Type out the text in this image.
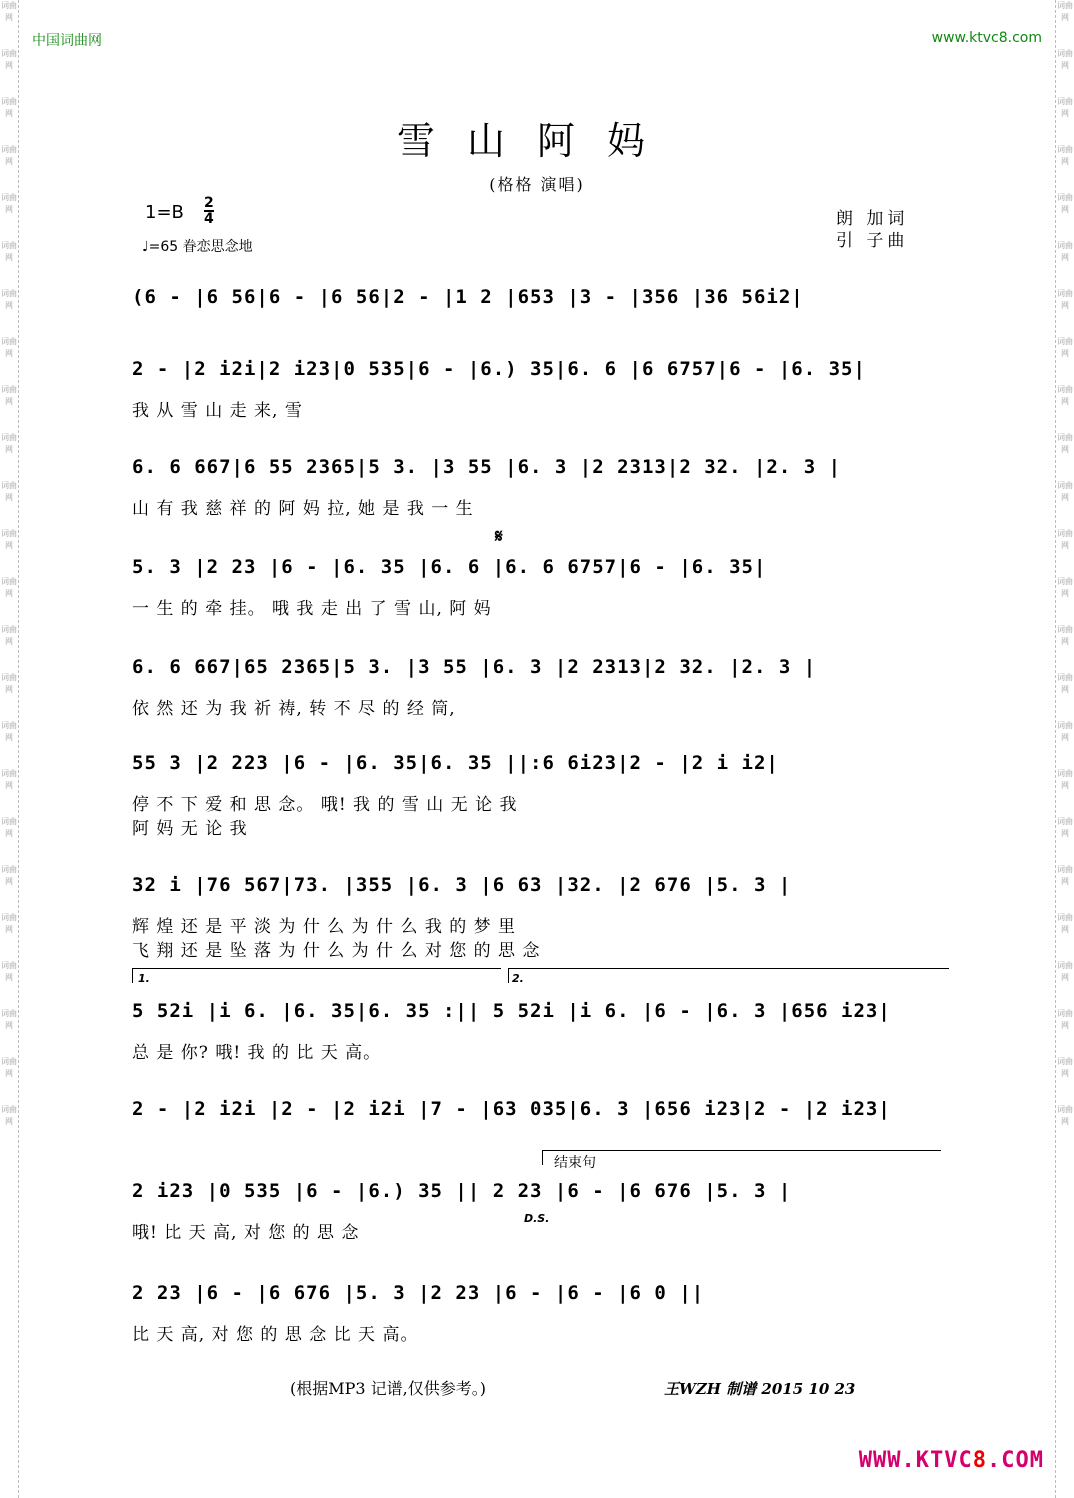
词曲网
词曲网
词曲网
词曲网
词曲网
词曲网
词曲网
词曲网
词曲网
词曲网
词曲网
词曲网
词曲网
词曲网
词曲网
词曲网
词曲网
词曲网
词曲网
词曲网
词曲网
词曲网
词曲网
词曲网
词曲网
词曲网
词曲网
词曲网
词曲网
词曲网
词曲网
词曲网
词曲网
词曲网
词曲网
词曲网
词曲网
词曲网
词曲网
词曲网
词曲网
词曲网
词曲网
词曲网
词曲网
词曲网
词曲网
词曲网
中国词曲网	www.ktvc8.com
雪山阿妈
(格格 演唱)
1=B 2
4
♩=65 眷恋思念地
朗 加词
引 子曲
(6 - |6 56|6 - |6 56|2 - |1 2 |653 |3 - |356 |36 56i2|
2 - |2 i2i|2 i23|0 535|6 - |6.) 35|6. 6 |6 6757|6 - |6. 35|
我 从 雪 山 走 来, 雪
6. 6 667|6 55 2365|5 3. |3 55 |6. 3 |2 2313|2 32. |2. 3 |
山 有 我 慈 祥 的 阿 妈 拉, 她 是 我 一 生
5. 3 |2 23 |6 - |6. 35 |6. 6 |6. 6 6757|6 - |6. 35|
一 生 的 牵 挂。 哦 我 走 出 了 雪 山, 阿 妈
6. 6 667|65 2365|5 3. |3 55 |6. 3 |2 2313|2 32. |2. 3 |
依 然 还 为 我 祈 祷, 转 不 尽 的 经 筒,
55 3 |2 223 |6 - |6. 35|6. 35 ||:6 6i23|2 - |2 i i2|
停 不 下 爱 和 思 念。 哦! 我 的 雪 山 无 论 我
阿 妈 无 论 我
32 i |76 567|73. |355 |6. 3 |6 63 |32. |2 676 |5. 3 |
辉 煌 还 是 平 淡 为 什 么 为 什 么 我 的 梦 里
飞 翔 还 是 坠 落 为 什 么 为 什 么 对 您 的 思 念
5 52i |i 6. |6. 35|6. 35 :|| 5 52i |i 6. |6 - |6. 3 |656 i23|
总 是 你? 哦! 我 的 比 天 高。
2 - |2 i2i |2 - |2 i2i |7 - |63 035|6. 3 |656 i23|2 - |2 i23|
2 i23 |0 535 |6 - |6.) 35 || 2 23 |6 - |6 676 |5. 3 |
哦! 比 天 高, 对 您 的 思 念
2 23 |6 - |6 676 |5. 3 |2 23 |6 - |6 - |6 0 ||
比 天 高, 对 您 的 思 念 比 天 高。
𝄋
D.S.
1.	2.
结束句
(根据MP3 记谱,仅供参考。)	王WZH 制谱 2015 10 23
WWW.KTVC8.COM
